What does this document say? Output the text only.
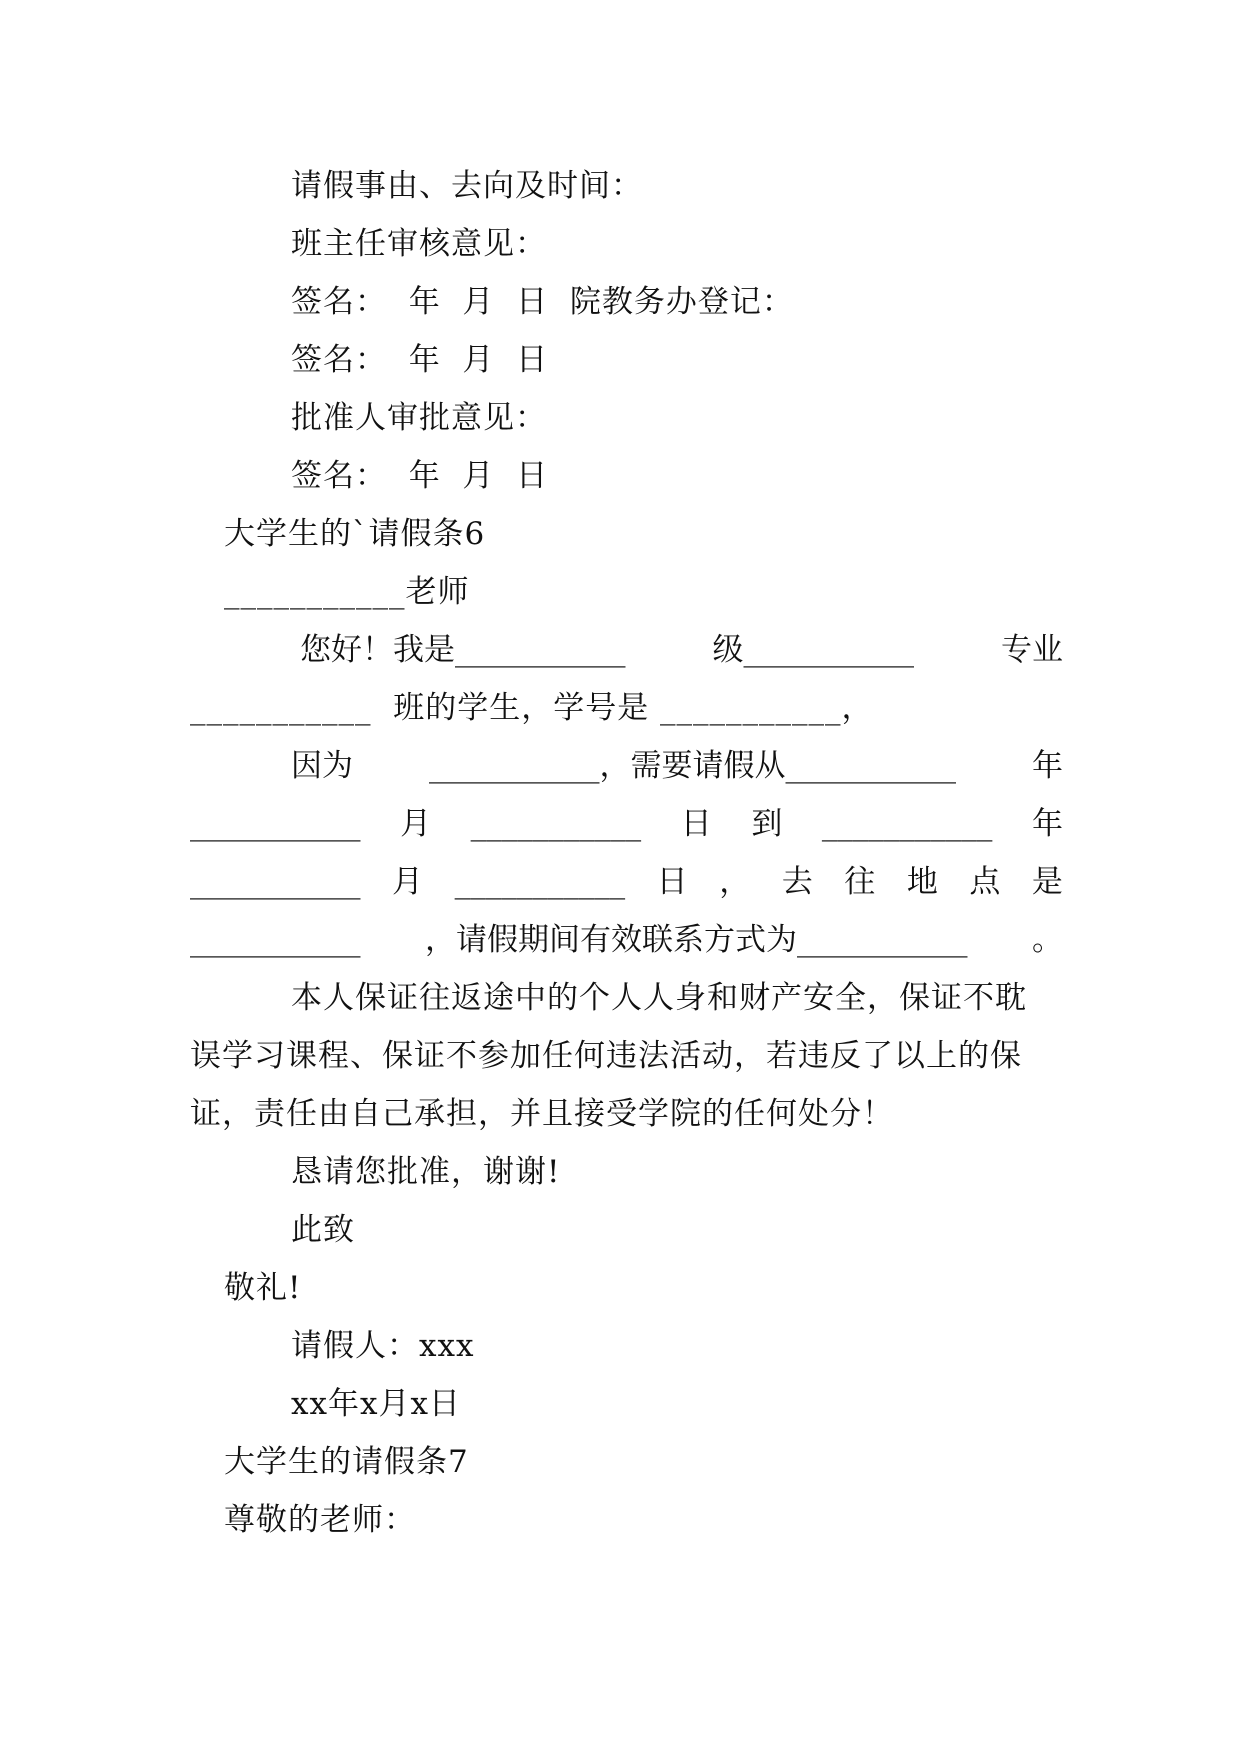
请假事由、去向及时间：
班主任审核意见：
签名：  年  月  日  院教务办登记：
签名：  年  月  日
批准人审批意见：
签名：  年  月  日
大学生的`请假条6
___________老师
您好！我是___________	级___________	专业
___________  班的学生，学号是 ___________，
因为 ___________，需要请假从___________ 年
___________ 月 ___________ 日 到 ___________ 年
___________ 月 ___________ 日 ， 去 往 地 点 是
___________ ，请假期间有效联系方式为___________ 。
本人保证往返途中的个人人身和财产安全，保证不耽
误学习课程、保证不参加任何违法活动，若违反了以上的保
证，责任由自己承担，并且接受学院的任何处分！
恳请您批准，谢谢!
此致
敬礼!
请假人：xxx
xx年x月x日
大学生的请假条7
尊敬的老师：
